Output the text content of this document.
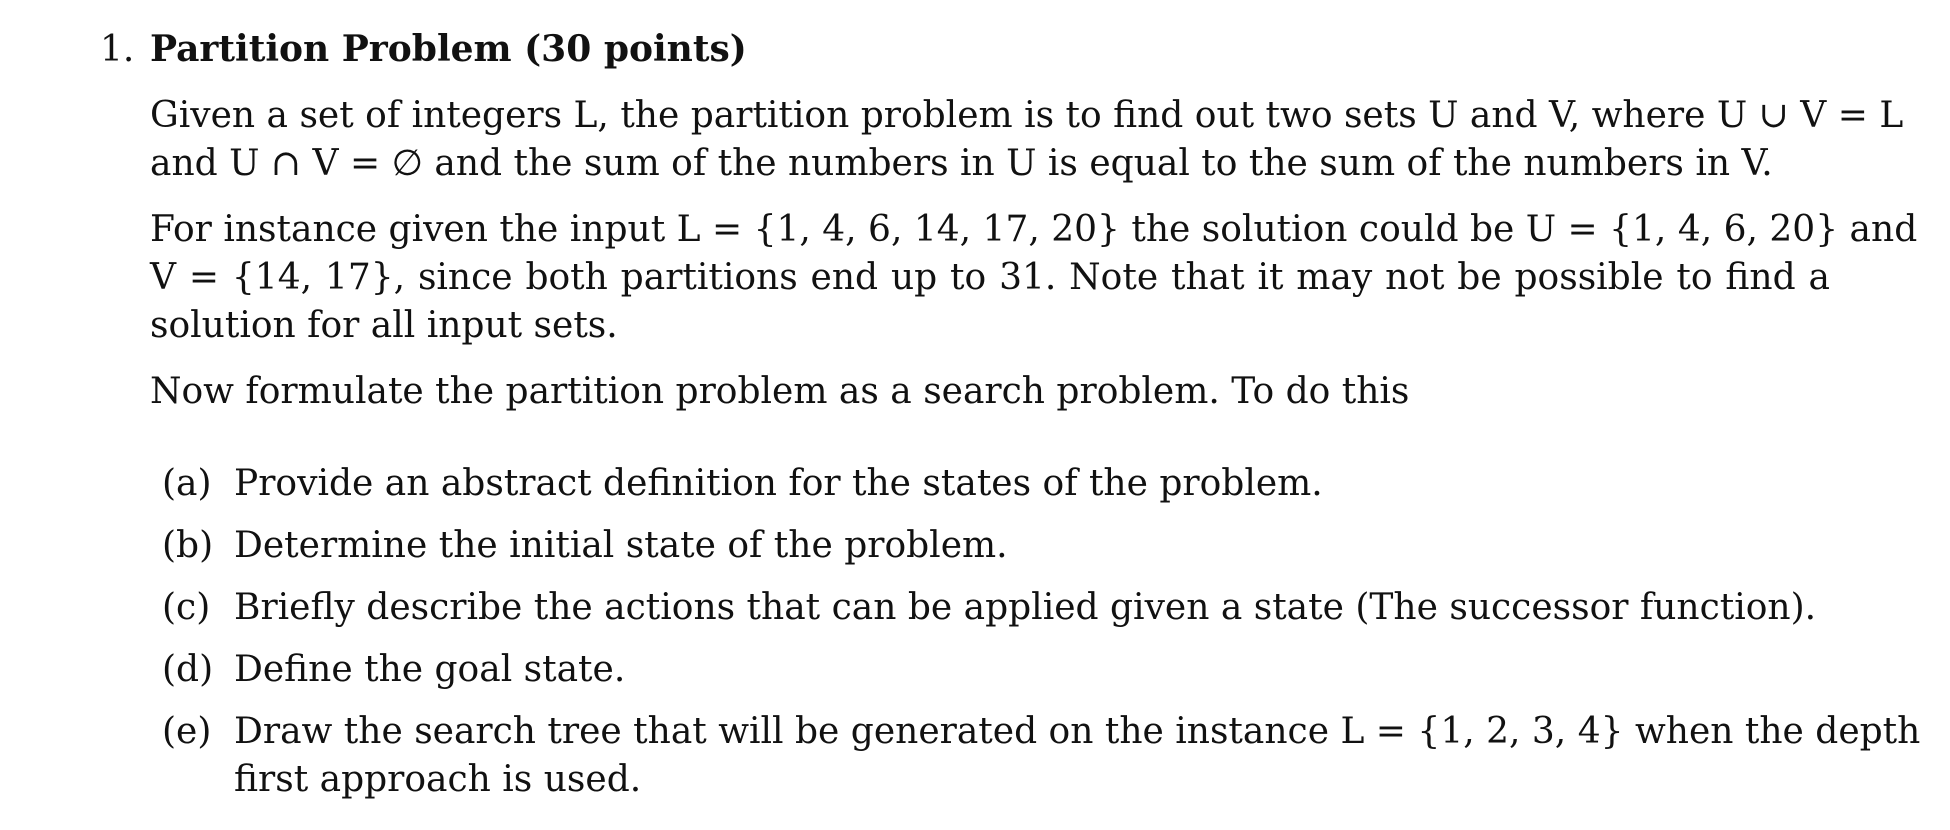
1. Partition Problem (30 points)
Given a set of integers L, the partition problem is to find out two sets U and V, where U ∪ V = L
and U ∩ V = ∅ and the sum of the numbers in U is equal to the sum of the numbers in V.
For instance given the input L = {1, 4, 6, 14, 17, 20} the solution could be U = {1, 4, 6, 20} and
V = {14, 17}, since both partitions end up to 31. Note that it may not be possible to find a
solution for all input sets.
Now formulate the partition problem as a search problem. To do this
(a) Provide an abstract definition for the states of the problem.
(b) Determine the initial state of the problem.
(c) Briefly describe the actions that can be applied given a state (The successor function).
(d) Define the goal state.
(e) Draw the search tree that will be generated on the instance L = {1, 2, 3, 4} when the depth
first approach is used.
